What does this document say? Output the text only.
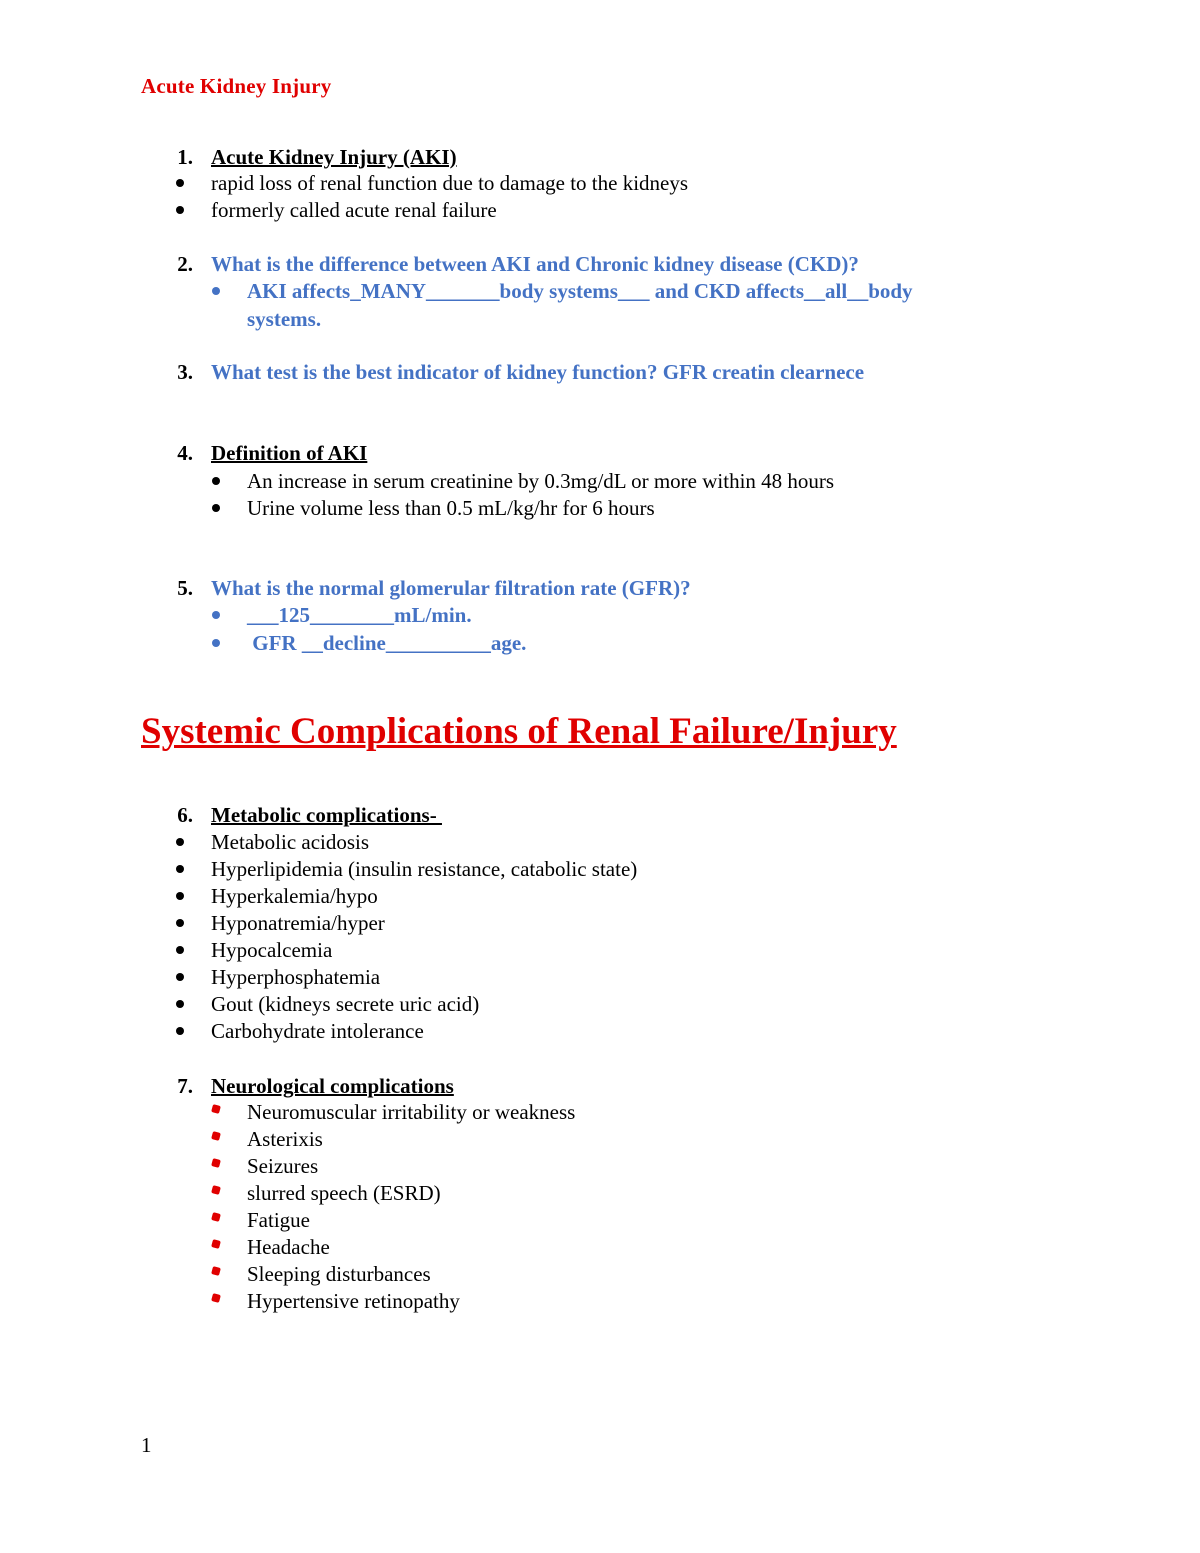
Acute Kidney Injury
1. Acute Kidney Injury (AKI)
rapid loss of renal function due to damage to the kidneys
formerly called acute renal failure
2. What is the difference between AKI and Chronic kidney disease (CKD)?
AKI affects_MANY_______body systems___ and CKD affects__all__body
systems.
3. What test is the best indicator of kidney function? GFR creatin clearnece
4. Definition of AKI
An increase in serum creatinine by 0.3mg/dL or more within 48 hours
Urine volume less than 0.5 mL/kg/hr for 6 hours
5. What is the normal glomerular filtration rate (GFR)?
___125________mL/min.
GFR __decline__________age.
Systemic Complications of Renal Failure/Injury
6. Metabolic complications-
Metabolic acidosis
Hyperlipidemia (insulin resistance, catabolic state)
Hyperkalemia/hypo
Hyponatremia/hyper
Hypocalcemia
Hyperphosphatemia
Gout (kidneys secrete uric acid)
Carbohydrate intolerance
7. Neurological complications
Neuromuscular irritability or weakness
Asterixis
Seizures
slurred speech (ESRD)
Fatigue
Headache
Sleeping disturbances
Hypertensive retinopathy
1
